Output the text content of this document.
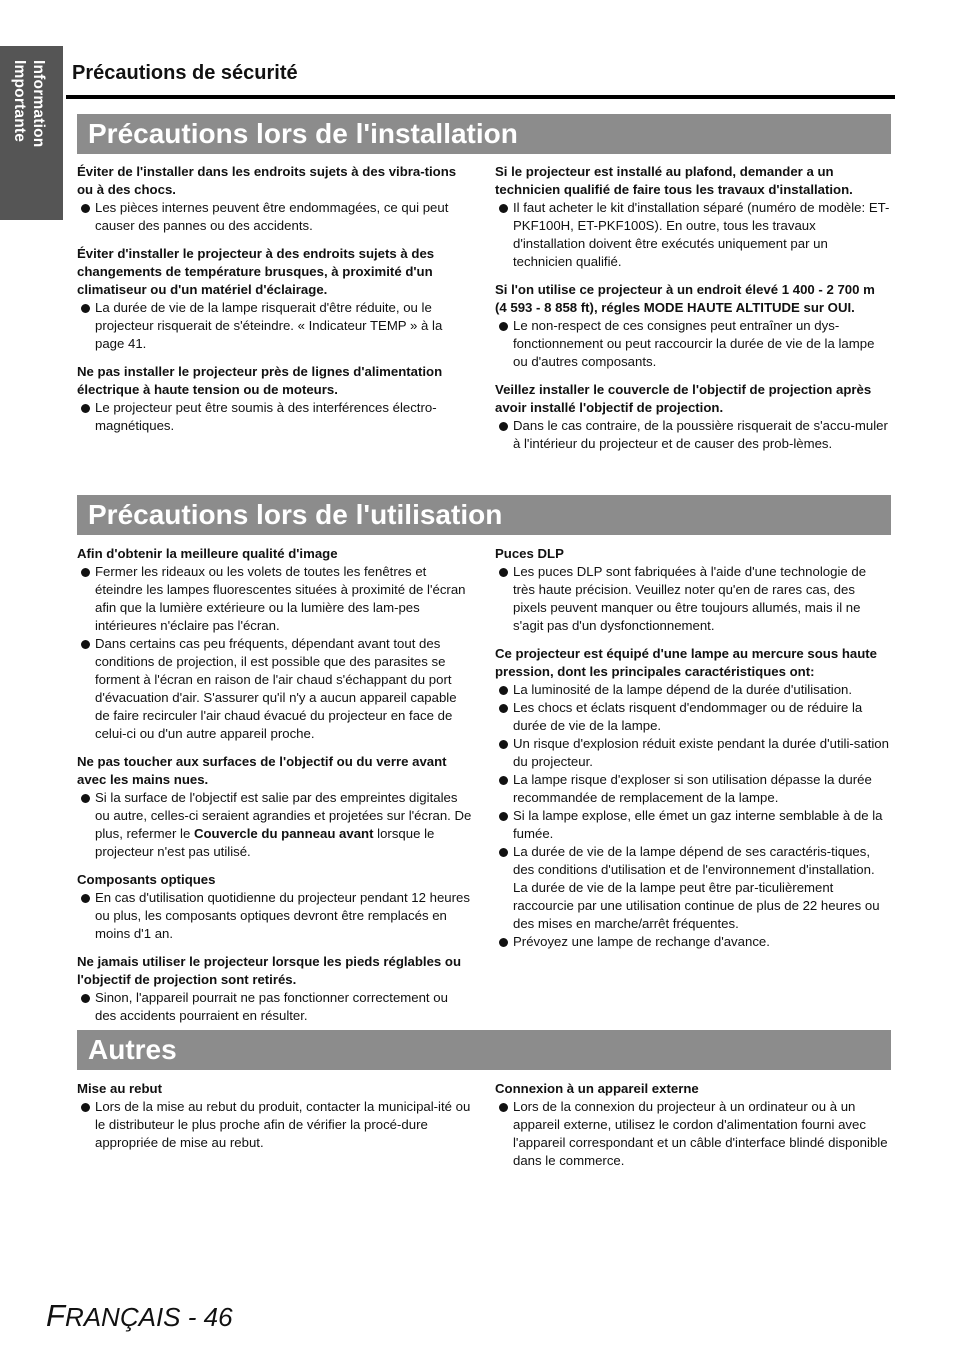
Information
Importante	Précautions de sécurité
Précautions lors de l'installation

Éviter de l'installer dans les endroits sujets à des vibra-tions ou à des chocs.

Les pièces internes peuvent être endommagées, ce qui peut causer des pannes ou des accidents.

Éviter d'installer le projecteur à des endroits sujets à des changements de température brusques, à proximité d'un climatiseur ou d'un matériel d'éclairage.

La durée de vie de la lampe risquerait d'être réduite, ou le projecteur risquerait de s'éteindre. « Indicateur TEMP » à la page 41.

Ne pas installer le projecteur près de lignes d'alimentation électrique à haute tension ou de moteurs.

Le projecteur peut être soumis à des interférences électro-magnétiques.

Si le projecteur est installé au plafond, demander a un technicien qualifié de faire tous les travaux d'installation.

Il faut acheter le kit d'installation séparé (numéro de modèle: ET-PKF100H, ET-PKF100S). En outre, tous les travaux d'installation doivent être exécutés uniquement par un technicien qualifié.

Si l'on utilise ce projecteur à un endroit élevé 1 400 - 2 700 m (4 593 - 8 858 ft), régles MODE HAUTE ALTITUDE sur OUI.

Le non-respect de ces consignes peut entraîner un dys-fonctionnement ou peut raccourcir la durée de vie de la lampe ou d'autres composants.

Veillez installer le couvercle de l'objectif de projection après avoir installé l'objectif de projection.

Dans le cas contraire, de la poussière risquerait de s'accu-muler à l'intérieur du projecteur et de causer des prob-lèmes.
Précautions lors de l'utilisation

Afin d'obtenir la meilleure qualité d'image

Fermer les rideaux ou les volets de toutes les fenêtres et éteindre les lampes fluorescentes situées à proximité de l'écran afin que la lumière extérieure ou la lumière des lam-pes intérieures n'éclaire pas l'écran.
Dans certains cas peu fréquents, dépendant avant tout des conditions de projection, il est possible que des parasites se forment à l'écran en raison de l'air chaud s'échappant du port d'évacuation d'air. S'assurer qu'il n'y a aucun appareil capable de faire recirculer l'air chaud évacué du projecteur en face de celui-ci ou d'un autre appareil proche.

Ne pas toucher aux surfaces de l'objectif ou du verre avant avec les mains nues.

Si la surface de l'objectif est salie par des empreintes digitales ou autre, celles-ci seraient agrandies et projetées sur l'écran. De plus, refermer le Couvercle du panneau avant lorsque le projecteur n'est pas utilisé.

Composants optiques

En cas d'utilisation quotidienne du projecteur pendant 12 heures ou plus, les composants optiques devront être remplacés en moins d'1 an.

Ne jamais utiliser le projecteur lorsque les pieds réglables ou l'objectif de projection sont retirés.

Sinon, l'appareil pourrait ne pas fonctionner correctement ou des accidents pourraient en résulter.

Puces DLP

Les puces DLP sont fabriquées à l'aide d'une technologie de très haute précision. Veuillez noter qu'en de rares cas, des pixels peuvent manquer ou être toujours allumés, mais il ne s'agit pas d'un dysfonctionnement.

Ce projecteur est équipé d'une lampe au mercure sous haute pression, dont les principales caractéristiques ont:

La luminosité de la lampe dépend de la durée d'utilisation.
Les chocs et éclats risquent d'endommager ou de réduire la durée de vie de la lampe.
Un risque d'explosion réduit existe pendant la durée d'utili-sation du projecteur.
La lampe risque d'exploser si son utilisation dépasse la durée recommandée de remplacement de la lampe.
Si la lampe explose, elle émet un gaz interne semblable à de la fumée.
La durée de vie de la lampe dépend de ses caractéris-tiques, des conditions d'utilisation et de l'environnement d'installation. La durée de vie de la lampe peut être par-ticulièrement raccourcie par une utilisation continue de plus de 22 heures ou des mises en marche/arrêt fréquentes.
Prévoyez une lampe de rechange d'avance.
Autres

Mise au rebut

Lors de la mise au rebut du produit, contacter la municipal-ité ou le distributeur le plus proche afin de vérifier la procé-dure appropriée de mise au rebut.

Connexion à un appareil externe

Lors de la connexion du projecteur à un ordinateur ou à un appareil externe, utilisez le cordon d'alimentation fourni avec l'appareil correspondant et un câble d'interface blindé disponible dans le commerce.
FRANÇAIS - 46
